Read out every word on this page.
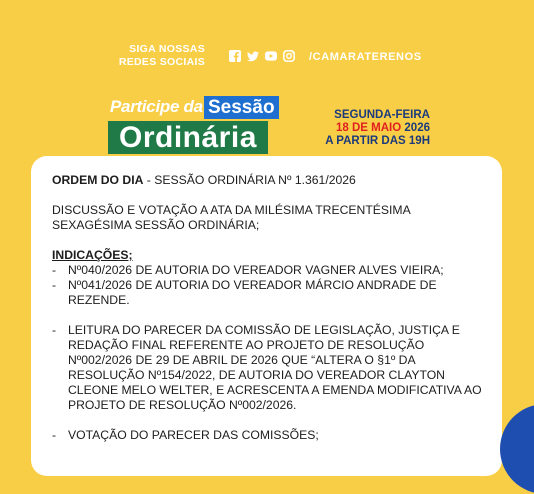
SIGA NOSSAS
REDES SOCIAIS	/CAMARATERENOS
Participe da Sessão
Ordinária
SEGUNDA-FEIRA
18 DE MAIO 2026
A PARTIR DAS 19H

ORDEM DO DIA - SESSÃO ORDINÁRIA Nº 1.361/2026

DISCUSSÃO E VOTAÇÃO A ATA DA MILÉSIMA TRECENTÉSIMA SEXAGÉSIMA SESSÃO ORDINÁRIA;

INDICAÇÕES;

- Nº040/2026 DE AUTORIA DO VEREADOR VAGNER ALVES VIEIRA;
- Nº041/2026 DE AUTORIA DO VEREADOR MÁRCIO ANDRADE DE REZENDE.
- LEITURA DO PARECER DA COMISSÃO DE LEGISLAÇÃO, JUSTIÇA E REDAÇÃO FINAL REFERENTE AO PROJETO DE RESOLUÇÃO Nº002/2026 DE 29 DE ABRIL DE 2026 QUE “ALTERA O §1º DA RESOLUÇÃO Nº154/2022, DE AUTORIA DO VEREADOR CLAYTON CLEONE MELO WELTER, E ACRESCENTA A EMENDA MODIFICATIVA AO PROJETO DE RESOLUÇÃO Nº002/2026.
- VOTAÇÃO DO PARECER DAS COMISSÕES;
